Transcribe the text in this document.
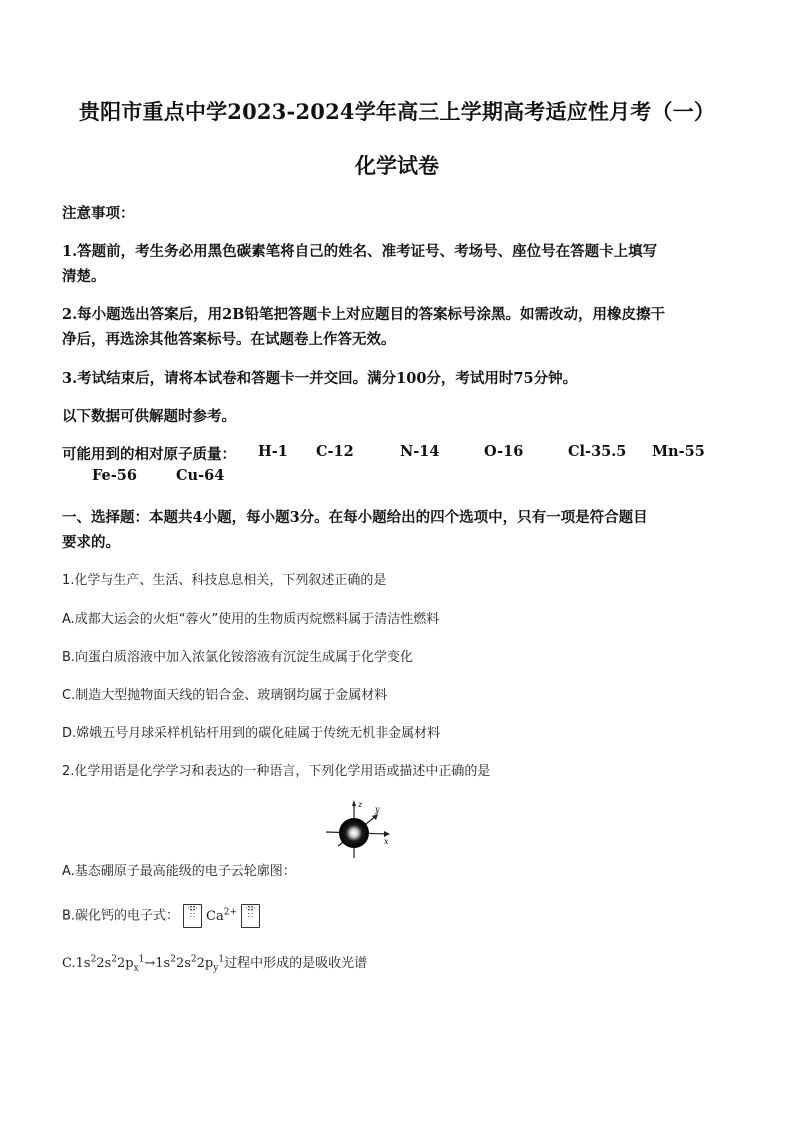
贵阳市重点中学2023-2024学年高三上学期高考适应性月考（一）
化学试卷
注意事项：
1.答题前，考生务必用黑色碳素笔将自己的姓名、准考证号、考场号、座位号在答题卡上填写
清楚。
2.每小题选出答案后，用2B铅笔把答题卡上对应题目的答案标号涂黑。如需改动，用橡皮擦干
净后，再选涂其他答案标号。在试题卷上作答无效。
3.考试结束后，请将本试卷和答题卡一并交回。满分100分，考试用时75分钟。
以下数据可供解题时参考。
可能用到的相对原子质量： H-1 C-12	N-14	O-16	Cl-35.5 Mn-55
Fe-56	Cu-64
一、选择题：本题共4小题，每小题3分。在每小题给出的四个选项中，只有一项是符合题目
要求的。
1.化学与生产、生活、科技息息相关，下列叙述正确的是
A.成都大运会的火炬“蓉火”使用的生物质丙烷燃料属于清洁性燃料
B.向蛋白质溶液中加入浓氯化铵溶液有沉淀生成属于化学变化
C.制造大型抛物面天线的铝合金、玻璃钢均属于金属材料
D.嫦娥五号月球采样机钻杆用到的碳化硅属于传统无机非金属材料
2.化学用语是化学学习和表达的一种语言，下列化学用语或描述中正确的是
z
y
x
A.基态硼原子最高能级的电子云轮廓图：
B.碳化钙的电子式： ·∷·
∷ $Ca^{2+}$ ·∷·
∷
$C.1s^22s^22p_x^1\to 1s^22s^22p_y^1$过程中形成的是吸收光谱
